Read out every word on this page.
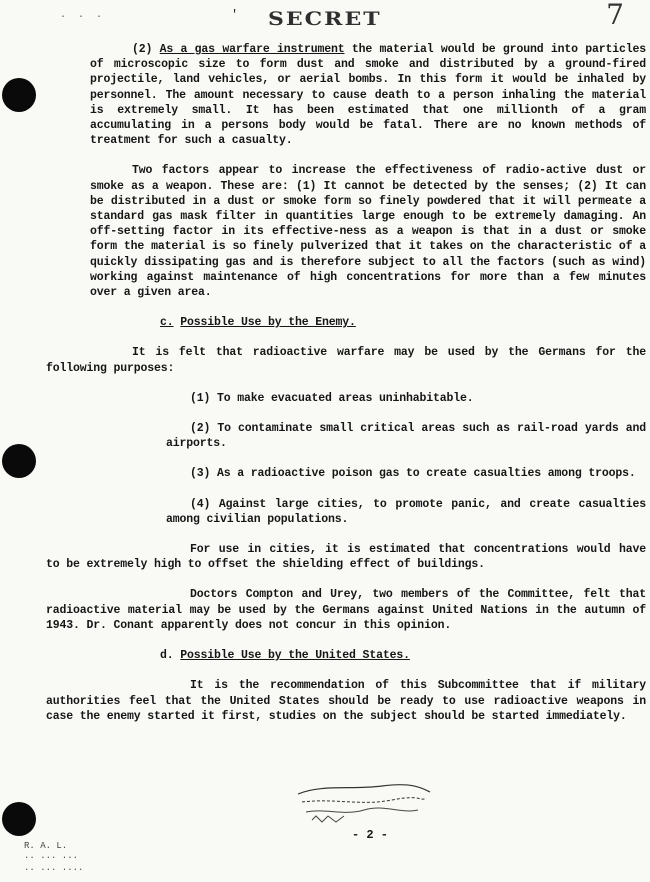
· · ·	' SECRET	7

(2) As a gas warfare instrument the material would be ground into particles of microscopic size to form dust and smoke and distributed by a ground-fired projectile, land vehicles, or aerial bombs. In this form it would be inhaled by personnel. The amount necessary to cause death to a person inhaling the material is extremely small. It has been estimated that one millionth of a gram accumulating in a persons body would be fatal. There are no known methods of treatment for such a casualty.

Two factors appear to increase the effectiveness of radio-active dust or smoke as a weapon. These are: (1) It cannot be detected by the senses; (2) It can be distributed in a dust or smoke form so finely powdered that it will permeate a standard gas mask filter in quantities large enough to be extremely damaging. An off-setting factor in its effective-ness as a weapon is that in a dust or smoke form the material is so finely pulverized that it takes on the characteristic of a quickly dissipating gas and is therefore subject to all the factors (such as wind) working against maintenance of high concentrations for more than a few minutes over a given area.

c. Possible Use by the Enemy.

It is felt that radioactive warfare may be used by the Germans for the following purposes:

(1) To make evacuated areas uninhabitable.

(2) To contaminate small critical areas such as rail-road yards and airports.

(3) As a radioactive poison gas to create casualties among troops.

(4) Against large cities, to promote panic, and create casualties among civilian populations.

For use in cities, it is estimated that concentrations would have to be extremely high to offset the shielding effect of buildings.

Doctors Compton and Urey, two members of the Committee, felt that radioactive material may be used by the Germans against United Nations in the autumn of 1943. Dr. Conant apparently does not concur in this opinion.

d. Possible Use by the United States.

It is the recommendation of this Subcommittee that if military authorities feel that the United States should be ready to use radioactive weapons in case the enemy started it first, studies on the subject should be started immediately.

- 2 -
R. A. L.
·· ··· ···
·· ··· ····
